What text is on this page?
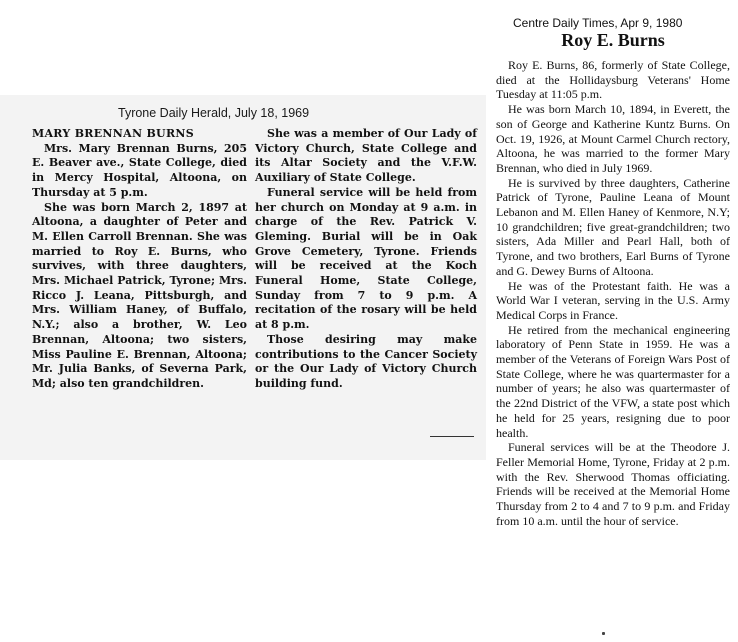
Tyrone Daily Herald, July 18, 1969

MARY BRENNAN BURNS

Mrs. Mary Brennan Burns, 205 E. Beaver ave., State College, died in Mercy Hospital, Altoona, on Thursday at 5 p.m.

She was born March 2, 1897 at Altoona, a daughter of Peter and M. Ellen Carroll Brennan. She was married to Roy E. Burns, who survives, with three daughters, Mrs. Michael Patrick, Tyrone; Mrs. Ricco J. Leana, Pittsburgh, and Mrs. William Haney, of Buffalo, N.Y.; also a brother, W. Leo Brennan, Altoona; two sisters, Miss Pauline E. Brennan, Altoona; Mr. Julia Banks, of Severna Park, Md; also ten grandchildren.

She was a member of Our Lady of Victory Church, State College and its Altar Society and the V.F.W. Auxiliary of State College.

Funeral service will be held from her church on Monday at 9 a.m. in charge of the Rev. Patrick V. Gleming. Burial will be in Oak Grove Cemetery, Tyrone. Friends will be received at the Koch Funeral Home, State College, Sunday from 7 to 9 p.m. A recitation of the rosary will be held at 8 p.m.

Those desiring may make contributions to the Cancer Society or the Our Lady of Victory Church building fund.

Centre Daily Times, Apr 9, 1980
Roy E. Burns

Roy E. Burns, 86, formerly of State College, died at the Hollidaysburg Veterans' Home Tuesday at 11:05 p.m.

He was born March 10, 1894, in Everett, the son of George and Katherine Kuntz Burns. On Oct. 19, 1926, at Mount Carmel Church rectory, Altoona, he was married to the former Mary Brennan, who died in July 1969.

He is survived by three daughters, Catherine Patrick of Tyrone, Pauline Leana of Mount Lebanon and M. Ellen Haney of Kenmore, N.Y; 10 grandchildren; five great-grandchildren; two sisters, Ada Miller and Pearl Hall, both of Tyrone, and two brothers, Earl Burns of Tyrone and G. Dewey Burns of Altoona.

He was of the Protestant faith. He was a World War I veteran, serving in the U.S. Army Medical Corps in France.

He retired from the mechanical engineering laboratory of Penn State in 1959. He was a member of the Veterans of Foreign Wars Post of State College, where he was quartermaster for a number of years; he also was quartermaster of the 22nd District of the VFW, a state post which he held for 25 years, resigning due to poor health.

Funeral services will be at the Theodore J. Feller Memorial Home, Tyrone, Friday at 2 p.m. with the Rev. Sherwood Thomas officiating. Friends will be received at the Memorial Home Thursday from 2 to 4 and 7 to 9 p.m. and Friday from 10 a.m. until the hour of service.
